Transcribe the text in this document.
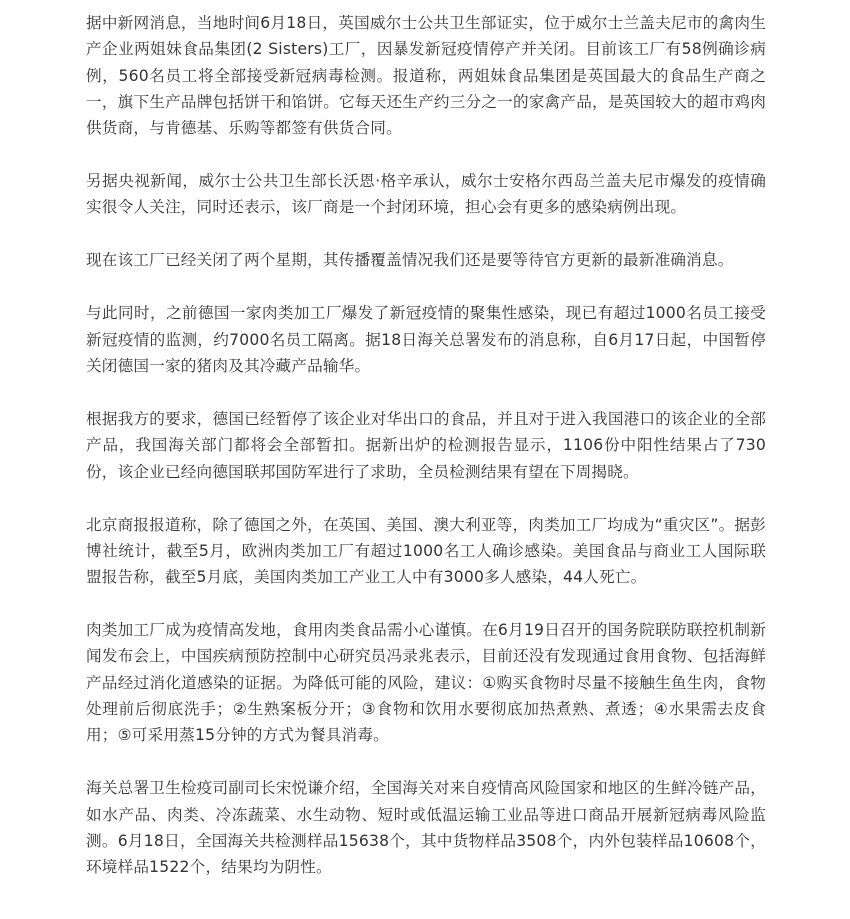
据中新网消息，当地时间6月18日，英国威尔士公共卫生部证实，位于威尔士兰盖夫尼市的禽肉生产企业两姐妹食品集团(2 Sisters)工厂，因暴发新冠疫情停产并关闭。目前该工厂有58例确诊病例，560名员工将全部接受新冠病毒检测。报道称，两姐妹食品集团是英国最大的食品生产商之一，旗下生产品牌包括饼干和馅饼。它每天还生产约三分之一的家禽产品，是英国较大的超市鸡肉供货商，与肯德基、乐购等都签有供货合同。

另据央视新闻，威尔士公共卫生部长沃恩·格辛承认，威尔士安格尔西岛兰盖夫尼市爆发的疫情确实很令人关注，同时还表示，该厂商是一个封闭环境，担心会有更多的感染病例出现。

现在该工厂已经关闭了两个星期，其传播覆盖情况我们还是要等待官方更新的最新准确消息。

与此同时，之前德国一家肉类加工厂爆发了新冠疫情的聚集性感染，现已有超过1000名员工接受新冠疫情的监测，约7000名员工隔离。据18日海关总署发布的消息称，自6月17日起，中国暂停关闭德国一家的猪肉及其冷藏产品输华。

根据我方的要求，德国已经暂停了该企业对华出口的食品，并且对于进入我国港口的该企业的全部产品，我国海关部门都将会全部暂扣。据新出炉的检测报告显示，1106份中阳性结果占了730份，该企业已经向德国联邦国防军进行了求助，全员检测结果有望在下周揭晓。

北京商报报道称，除了德国之外，在英国、美国、澳大利亚等，肉类加工厂均成为“重灾区”。据彭博社统计，截至5月，欧洲肉类加工厂有超过1000名工人确诊感染。美国食品与商业工人国际联盟报告称，截至5月底，美国肉类加工产业工人中有3000多人感染，44人死亡。

肉类加工厂成为疫情高发地，食用肉类食品需小心谨慎。在6月19日召开的国务院联防联控机制新闻发布会上，中国疾病预防控制中心研究员冯录兆表示，目前还没有发现通过食用食物、包括海鲜产品经过消化道感染的证据。为降低可能的风险，建议：①购买食物时尽量不接触生鱼生肉，食物处理前后彻底洗手；②生熟案板分开；③食物和饮用水要彻底加热煮熟、煮透；④水果需去皮食用；⑤可采用蒸15分钟的方式为餐具消毒。

海关总署卫生检疫司副司长宋悦谦介绍，全国海关对来自疫情高风险国家和地区的生鲜冷链产品，如水产品、肉类、冷冻蔬菜、水生动物、短时或低温运输工业品等进口商品开展新冠病毒风险监测。6月18日，全国海关共检测样品15638个，其中货物样品3508个，内外包装样品10608个，环境样品1522个，结果均为阴性。
